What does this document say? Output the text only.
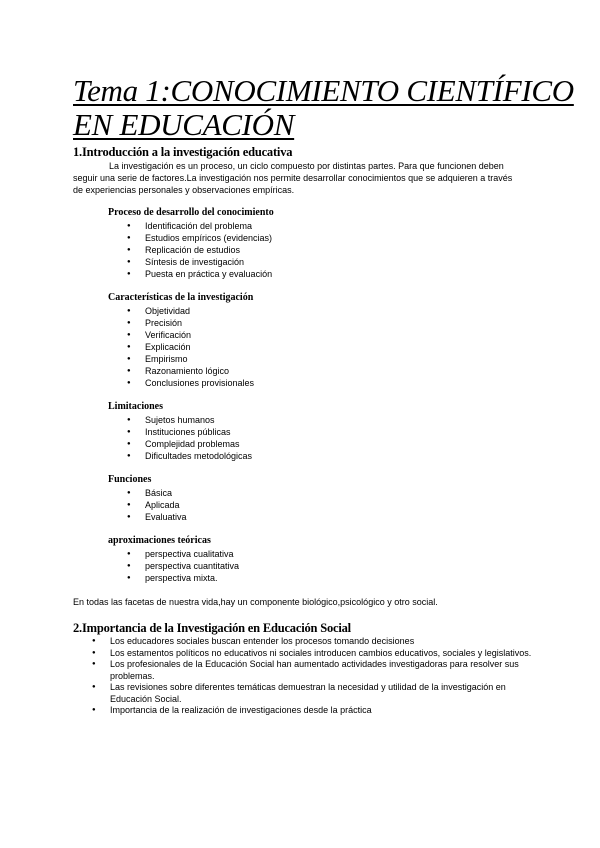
Tema 1:CONOCIMIENTO CIENTÍFICO
EN EDUCACIÓN
1.Introducción a la investigación educativa

La investigación es un proceso, un ciclo compuesto por distintas partes. Para que funcionen deben
seguir una serie de factores.La investigación nos permite desarrollar conocimientos que se adquieren a través
de experiencias personales y observaciones empíricas.

Proceso de desarrollo del conocimiento
● Identificación del problema
● Estudios empíricos (evidencias)
● Replicación de estudios
● Síntesis de investigación
● Puesta en práctica y evaluación
Características de la investigación
● Objetividad
● Precisión
● Verificación
● Explicación
● Empirismo
● Razonamiento lógico
● Conclusiones provisionales
Limitaciones
● Sujetos humanos
● Instituciones públicas
● Complejidad problemas
● Dificultades metodológicas
Funciones
● Básica
● Aplicada
● Evaluativa
aproximaciones teóricas
● perspectiva cualitativa
● perspectiva cuantitativa
● perspectiva mixta.

En todas las facetas de nuestra vida,hay un componente biológico,psicológico y otro social.

2.Importancia de la Investigación en Educación Social
● Los educadores sociales buscan entender los procesos tomando decisiones
● Los estamentos políticos no educativos ni sociales introducen cambios educativos, sociales y legislativos.
● Los profesionales de la Educación Social han aumentado actividades investigadoras para resolver sus problemas.
● Las revisiones sobre diferentes temáticas demuestran la necesidad y utilidad de la investigación en Educación Social.
● Importancia de la realización de investigaciones desde la práctica
